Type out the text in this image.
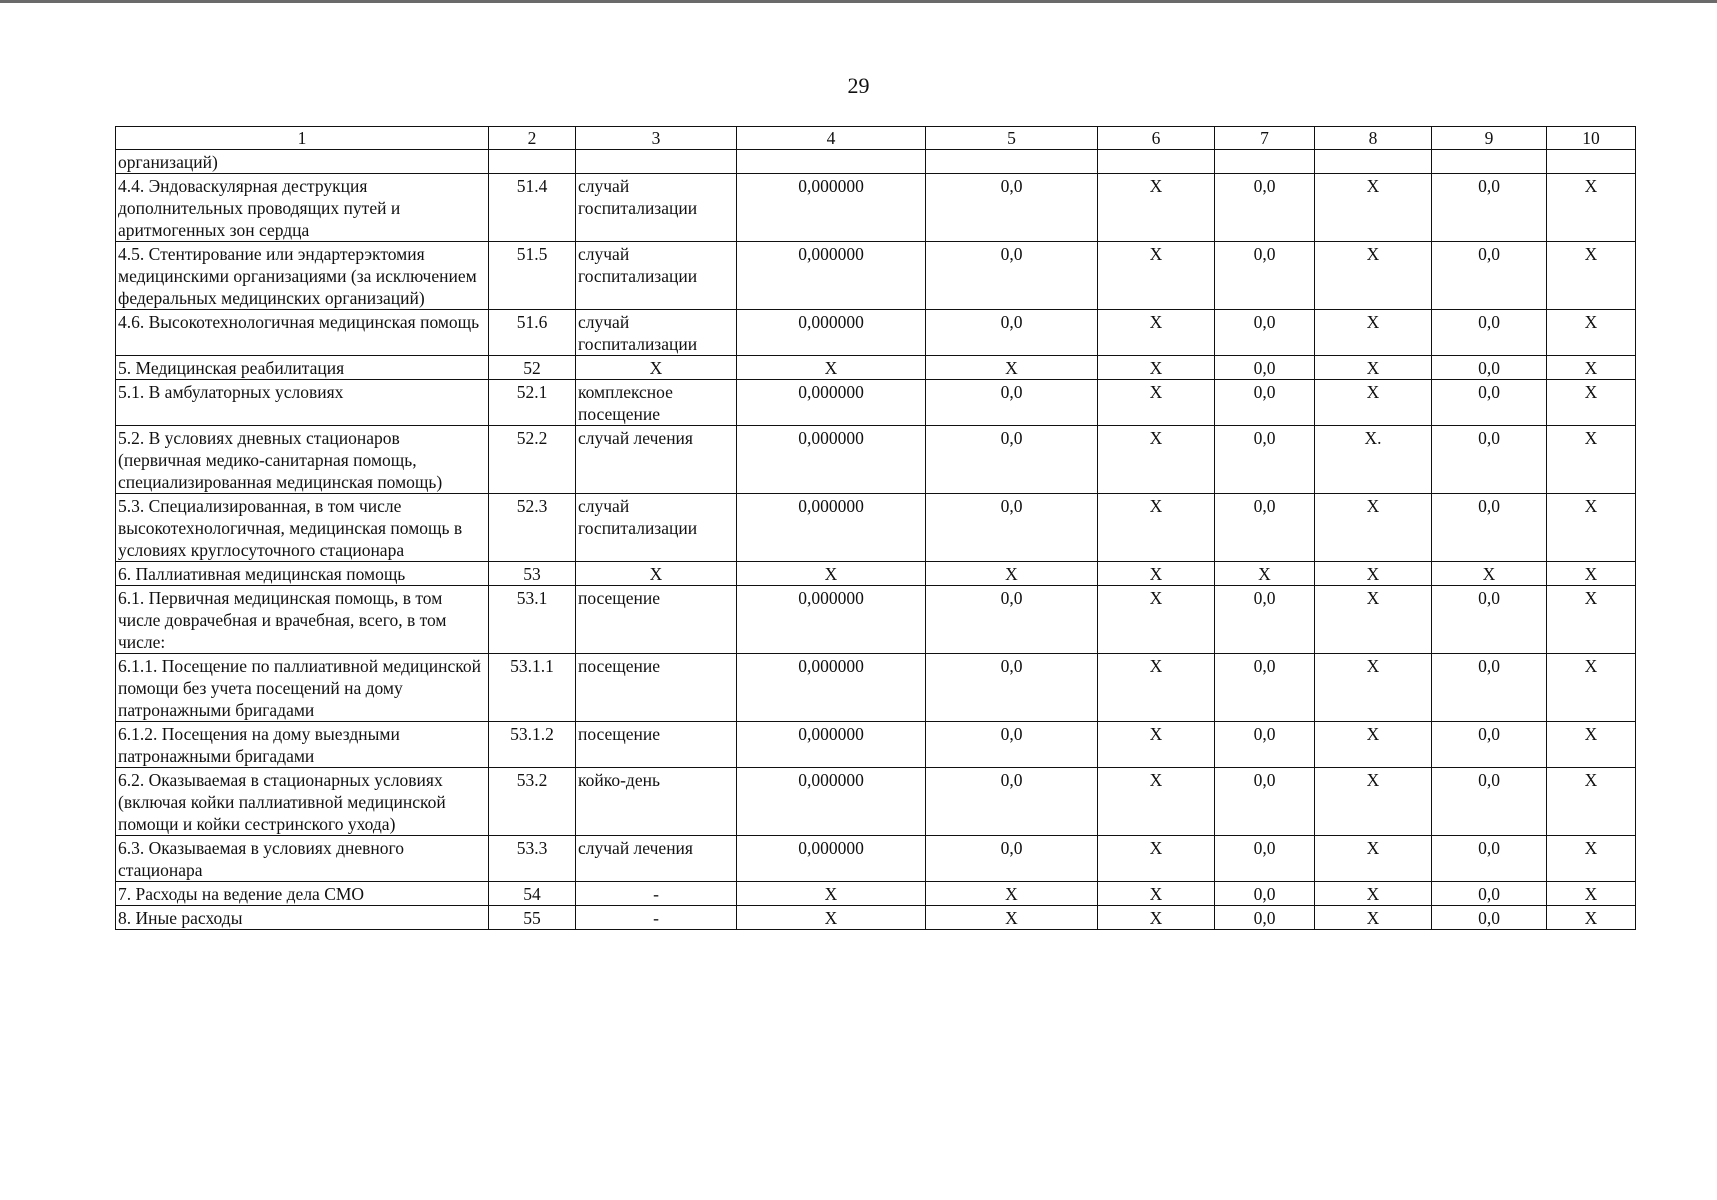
29
1	2	3	4	5	6	7	8	9	10
организаций)									
4.4. Эндоваскулярная деструкция дополнительных проводящих путей и аритмогенных зон сердца	51.4	случай госпитализации	0,000000	0,0	X	0,0	X	0,0	X
4.5. Стентирование или эндартерэктомия медицинскими организациями (за исключением федеральных медицинских организаций)	51.5	случай госпитализации	0,000000	0,0	X	0,0	X	0,0	X
4.6. Высокотехнологичная медицинская помощь	51.6	случай госпитализации	0,000000	0,0	X	0,0	X	0,0	X
5. Медицинская реабилитация	52	X	X	X	X	0,0	X	0,0	X
5.1. В амбулаторных условиях	52.1	комплексное посещение	0,000000	0,0	X	0,0	X	0,0	X
5.2. В условиях дневных стационаров (первичная медико-санитарная помощь, специализированная медицинская помощь)	52.2	случай лечения	0,000000	0,0	X	0,0	X.	0,0	X
5.3. Специализированная, в том числе высокотехнологичная, медицинская помощь в условиях круглосуточного стационара	52.3	случай госпитализации	0,000000	0,0	X	0,0	X	0,0	X
6. Паллиативная медицинская помощь	53	X	X	X	X	X	X	X	X
6.1. Первичная медицинская помощь, в том числе доврачебная и врачебная, всего, в том числе:	53.1	посещение	0,000000	0,0	X	0,0	X	0,0	X
6.1.1. Посещение по паллиативной медицинской помощи без учета посещений на дому патронажными бригадами	53.1.1	посещение	0,000000	0,0	X	0,0	X	0,0	X
6.1.2. Посещения на дому выездными патронажными бригадами	53.1.2	посещение	0,000000	0,0	X	0,0	X	0,0	X
6.2. Оказываемая в стационарных условиях (включая койки паллиативной медицинской помощи и койки сестринского ухода)	53.2	койко-день	0,000000	0,0	X	0,0	X	0,0	X
6.3. Оказываемая в условиях дневного стационара	53.3	случай лечения	0,000000	0,0	X	0,0	X	0,0	X
7. Расходы на ведение дела СМО	54	-	X	X	X	0,0	X	0,0	X
8. Иные расходы	55	-	X	X	X	0,0	X	0,0	X
